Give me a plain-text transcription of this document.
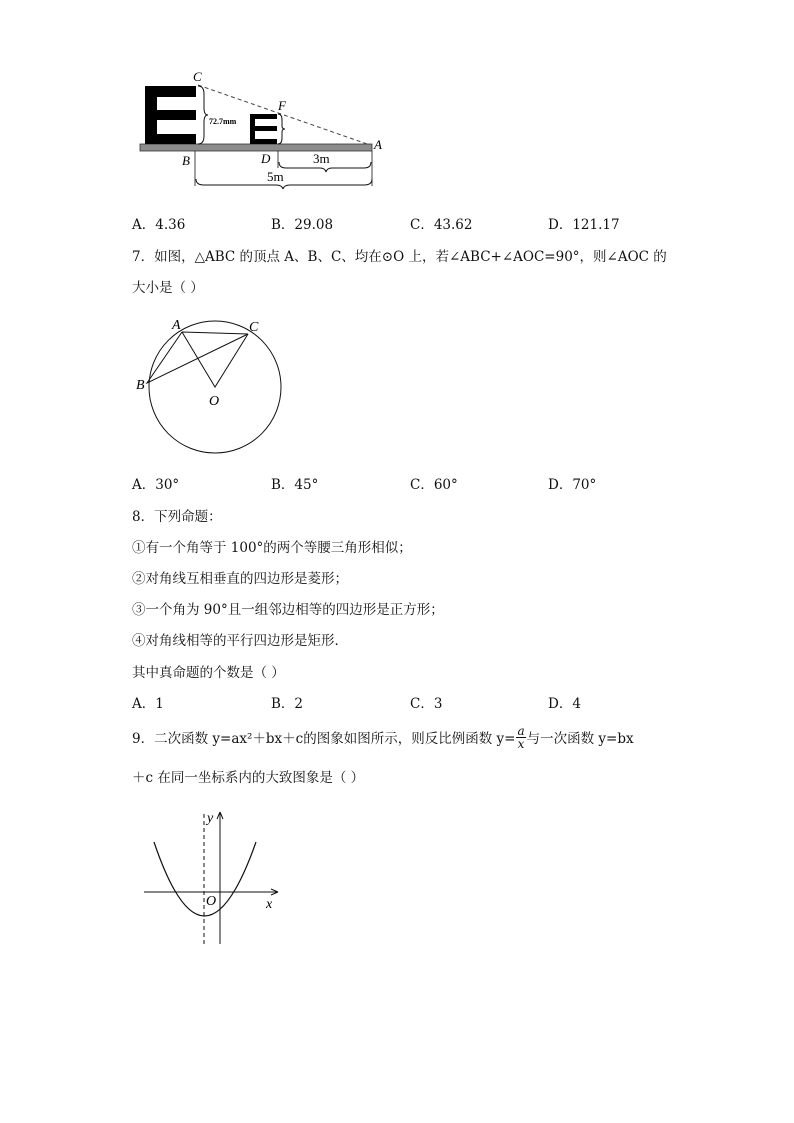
C
F
A
B	D
72.7mm
3m
5m
A．4.36	B．29.08	C．43.62	D．121.17
7．如图，△ABC 的顶点 A、B、C、均在⊙O 上，若∠ABC+∠AOC=90°，则∠AOC 的
大小是（ ）
A	C
B
O
A．30°	B．45°	C．60°	D．70°
8．下列命题：
①有一个角等于 100°的两个等腰三角形相似；
②对角线互相垂直的四边形是菱形；
③一个角为 90°且一组邻边相等的四边形是正方形；
④对角线相等的平行四边形是矩形．
其中真命题的个数是（ ）
A．1	B．2	C．3	D．4
9．二次函数 y=ax²＋bx＋c的图象如图所示，则反比例函数 $y= \frac{a}{x}$ 与一次函数 y=bx
＋c 在同一坐标系内的大致图象是（ ）
y
x
O
